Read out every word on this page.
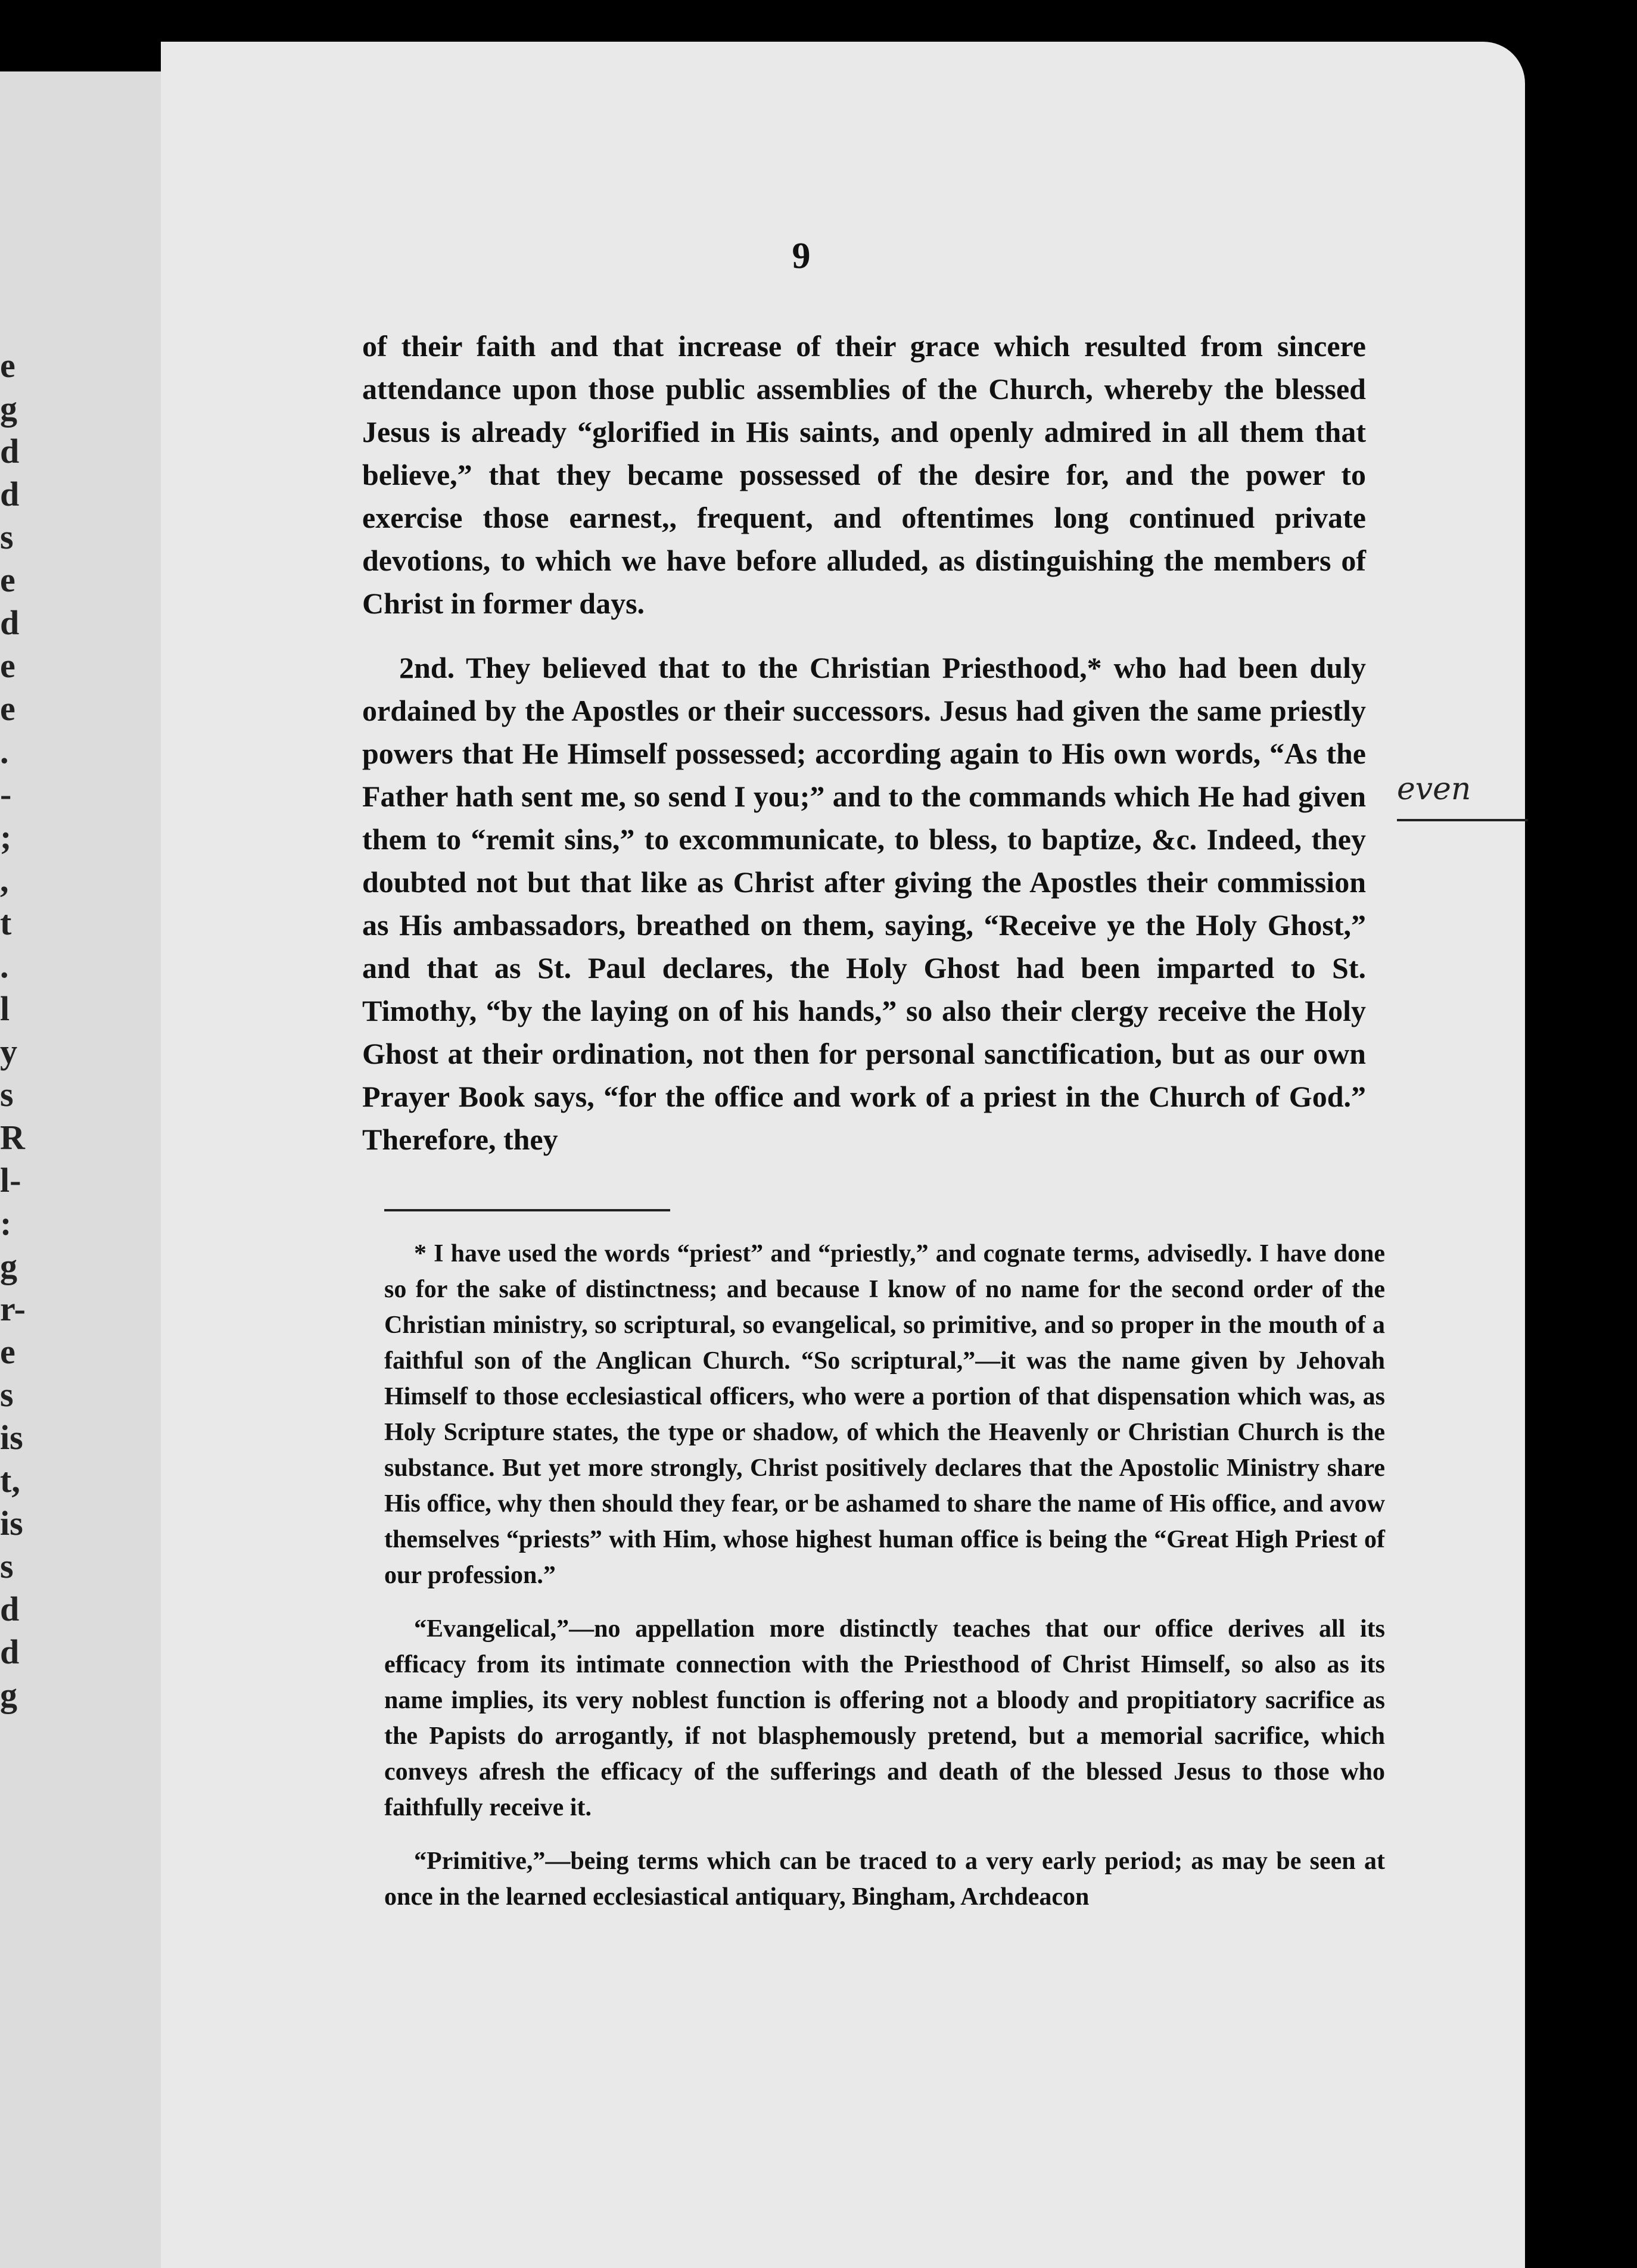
e
g
d
d
s
e
d
e
e
.
-
;
,
t
.
l
y
s
R
l-
:
g
r-
e
s
is
t,
is
s
d
d
g
9

of their faith and that increase of their grace which resulted from sincere attendance upon those public assemblies of the Church, whereby the blessed Jesus is already “glorified in His saints, and openly admired in all them that believe,” that they became possessed of the desire for, and the power to exercise those earnest,, frequent, and oftentimes long continued private devotions, to which we have before alluded, as distinguishing the members of Christ in former days.

2nd. They believed that to the Christian Priesthood,* who had been duly ordained by the Apostles or their successors. Jesus had given the same priestly powers that He Himself possessed; according again to His own words, “As the Father hath sent me, so send I you;” and to the commands which He had given them to “remit sins,” to excommunicate, to bless, to baptize, &c. Indeed, they doubted not but that like as Christ after giving the Apostles their commission as His ambassadors, breathed on them, saying, “Receive ye the Holy Ghost,” and that as St. Paul declares, the Holy Ghost had been imparted to St. Timothy, “by the laying on of his hands,” so also their clergy receive the Holy Ghost at their ordination, not then for personal sanctification, but as our own Prayer Book says, “for the office and work of a priest in the Church of God.” Therefore, they

even

* I have used the words “priest” and “priestly,” and cognate terms, advisedly. I have done so for the sake of distinctness; and because I know of no name for the second order of the Christian ministry, so scriptural, so evangelical, so primitive, and so proper in the mouth of a faithful son of the Anglican Church. “So scriptural,”—it was the name given by Jehovah Himself to those ecclesiastical officers, who were a portion of that dispensation which was, as Holy Scripture states, the type or shadow, of which the Heavenly or Christian Church is the substance. But yet more strongly, Christ positively declares that the Apostolic Ministry share His office, why then should they fear, or be ashamed to share the name of His office, and avow themselves “priests” with Him, whose highest human office is being the “Great High Priest of our profession.”

“Evangelical,”—no appellation more distinctly teaches that our office derives all its efficacy from its intimate connection with the Priesthood of Christ Himself, so also as its name implies, its very noblest function is offering not a bloody and propitiatory sacrifice as the Papists do arrogantly, if not blasphemously pretend, but a memorial sacrifice, which conveys afresh the efficacy of the sufferings and death of the blessed Jesus to those who faithfully receive it.

“Primitive,”—being terms which can be traced to a very early period; as may be seen at once in the learned ecclesiastical antiquary, Bingham, Archdeacon
